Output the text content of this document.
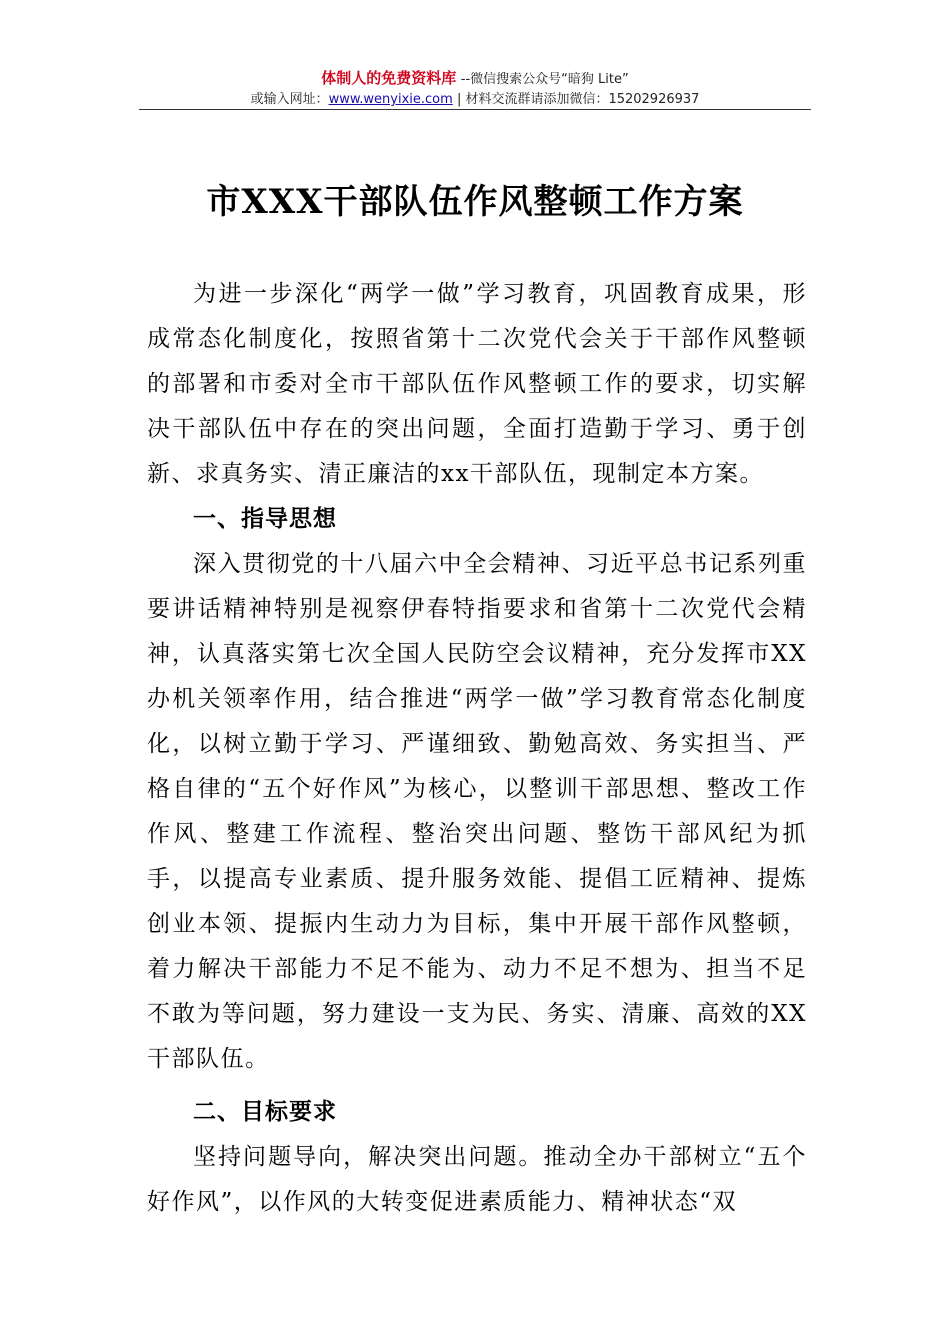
体制人的免费资料库 --微信搜索公众号“暗狗 Lite”
或输入网址：www.wenyixie.com | 材料交流群请添加微信：15202926937
市XXX干部队伍作风整顿工作方案

为进一步深化“两学一做”学习教育，巩固教育成果，形成常态化制度化，按照省第十二次党代会关于干部作风整顿的部署和市委对全市干部队伍作风整顿工作的要求，切实解决干部队伍中存在的突出问题，全面打造勤于学习、勇于创新、求真务实、清正廉洁的xx干部队伍，现制定本方案。

一、指导思想

深入贯彻党的十八届六中全会精神、习近平总书记系列重要讲话精神特别是视察伊春特指要求和省第十二次党代会精神，认真落实第七次全国人民防空会议精神，充分发挥市XX办机关领率作用，结合推进“两学一做”学习教育常态化制度化，以树立勤于学习、严谨细致、勤勉高效、务实担当、严格自律的“五个好作风”为核心，以整训干部思想、整改工作作风、整建工作流程、整治突出问题、整饬干部风纪为抓手，以提高专业素质、提升服务效能、提倡工匠精神、提炼创业本领、提振内生动力为目标，集中开展干部作风整顿，着力解决干部能力不足不能为、动力不足不想为、担当不足不敢为等问题，努力建设一支为民、务实、清廉、高效的XX干部队伍。

二、目标要求

坚持问题导向，解决突出问题。推动全办干部树立“五个好作风”，以作风的大转变促进素质能力、精神状态“双
